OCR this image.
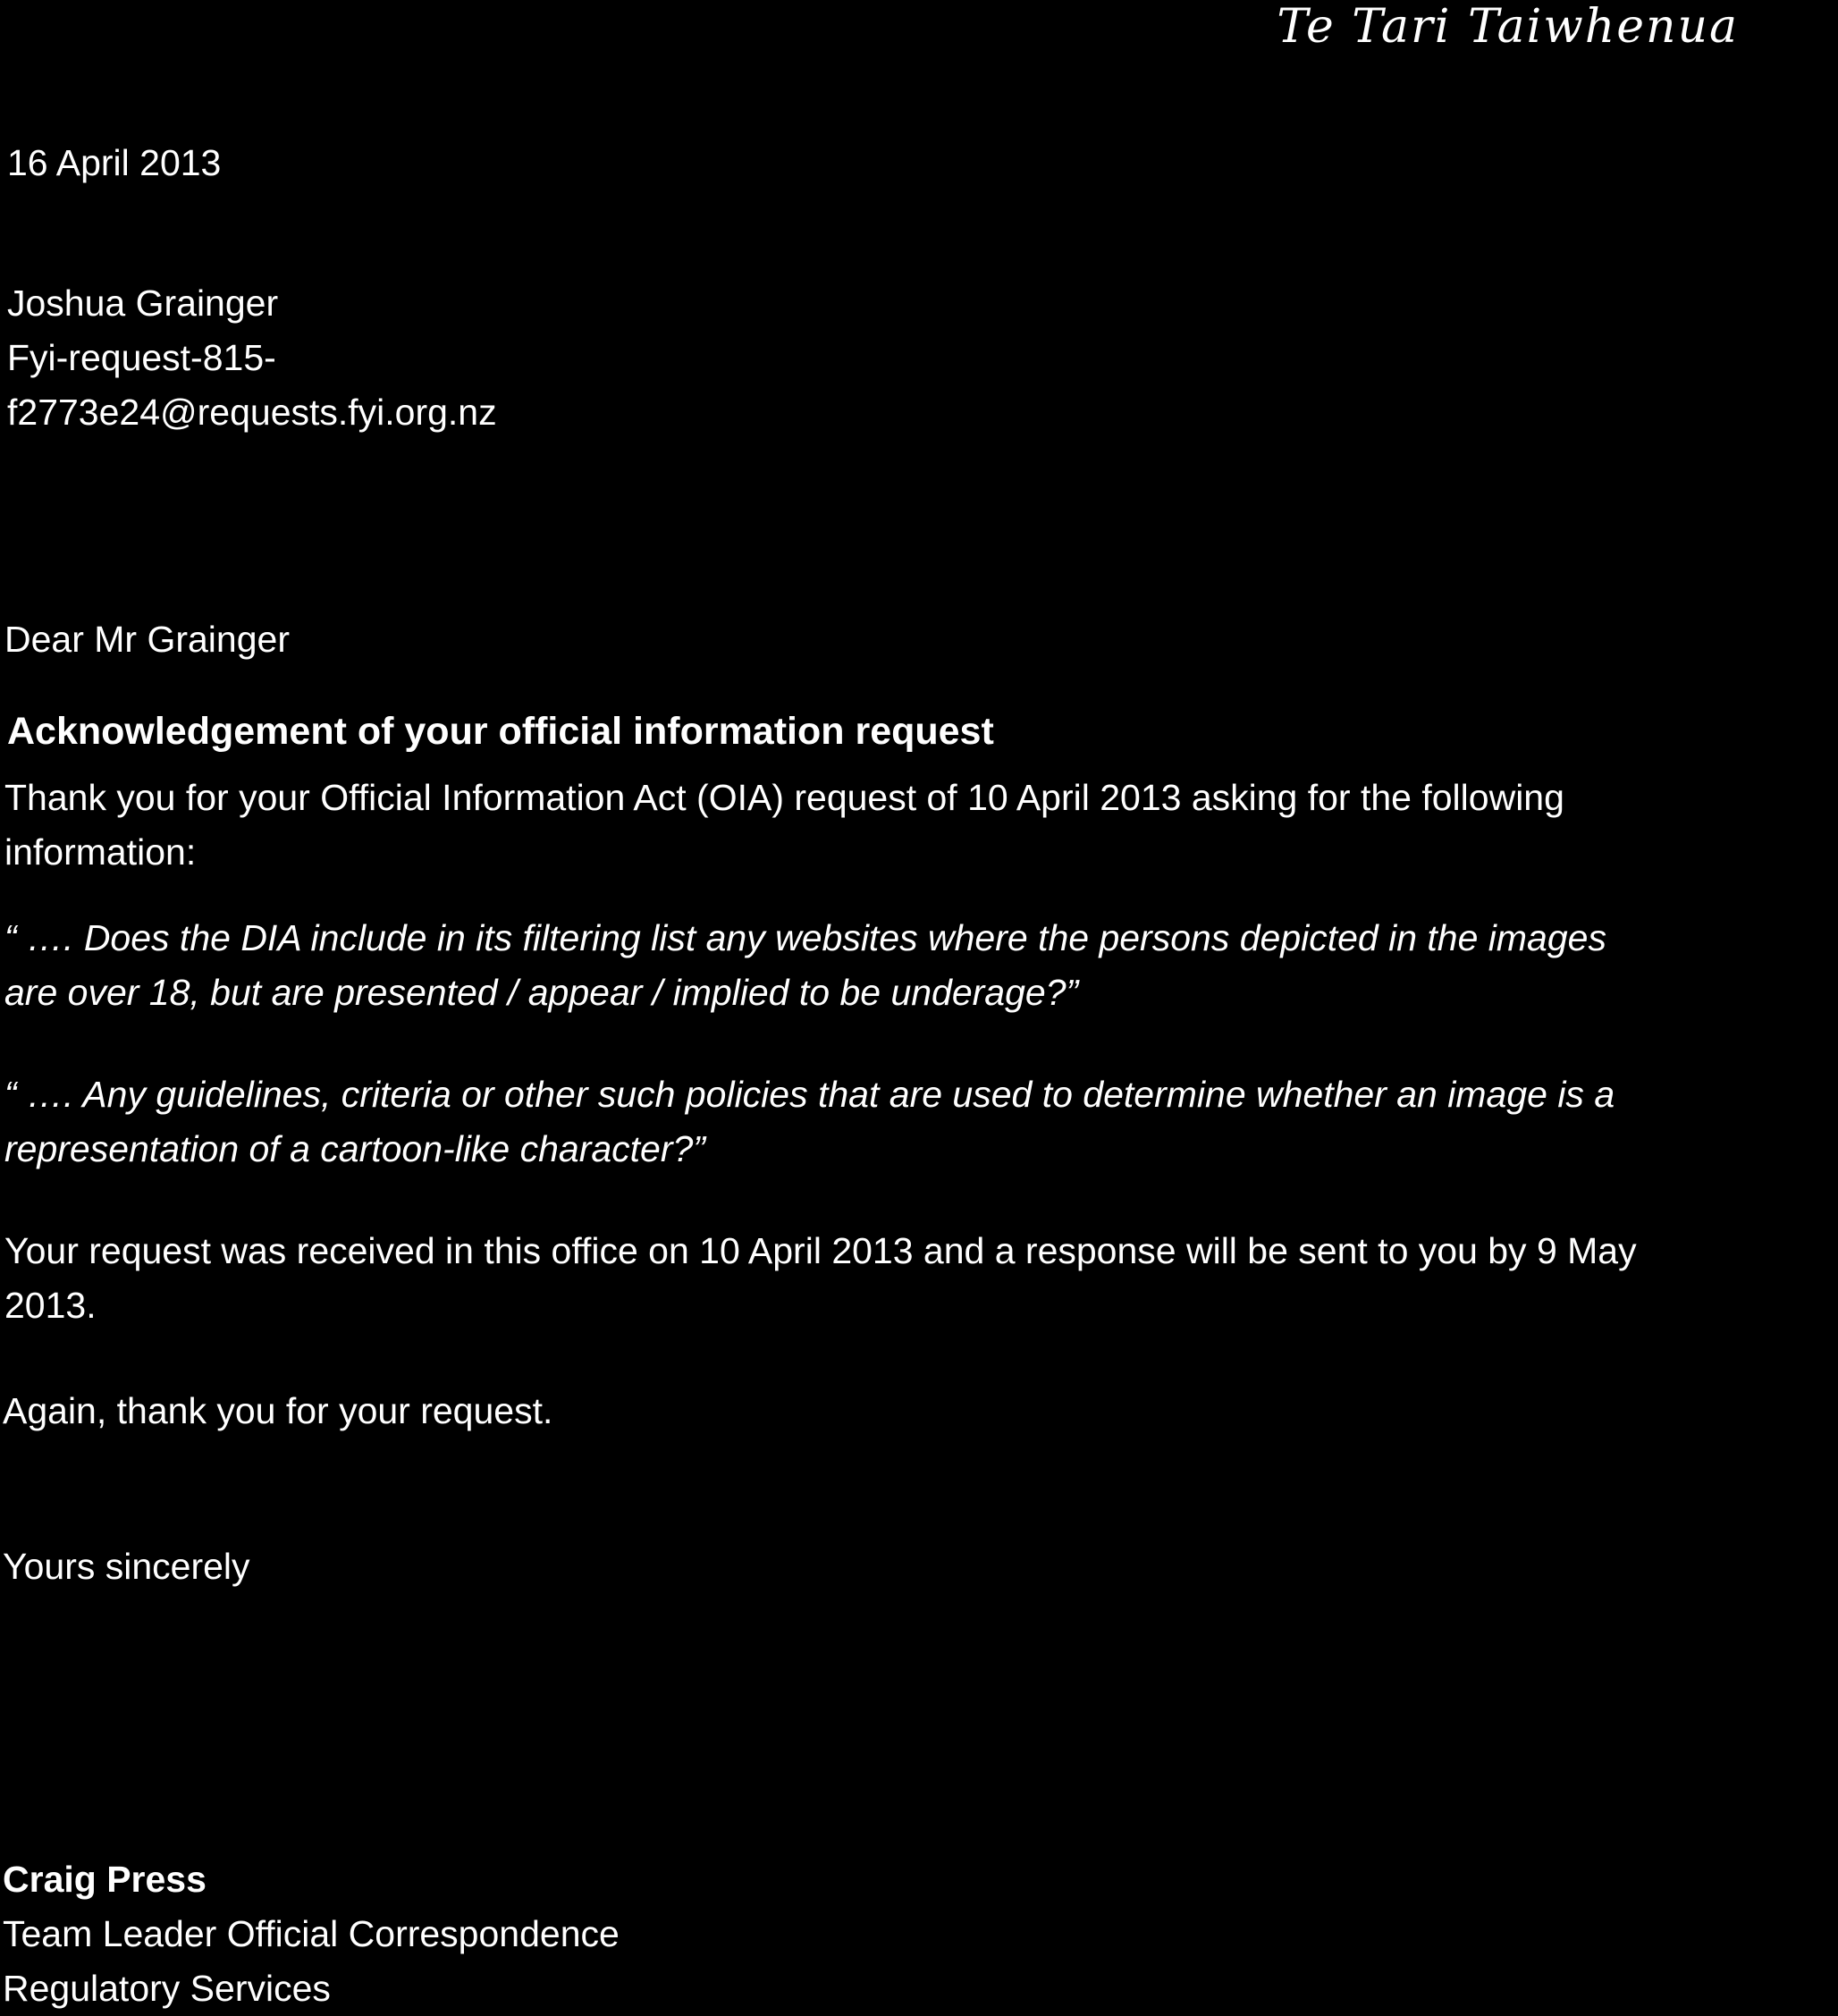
Te Tari Taiwhenua
16 April 2013
Joshua Grainger
Fyi-request-815-
f2773e24@requests.fyi.org.nz
Dear Mr Grainger
Acknowledgement of your official information request
Thank you for your Official Information Act (OIA) request of 10 April 2013 asking for the following
information:
“ …. Does the DIA include in its filtering list any websites where the persons depicted in the images
are over 18, but are presented / appear / implied to be underage?”
“ …. Any guidelines, criteria or other such policies that are used to determine whether an image is a
representation of a cartoon-like character?”
Your request was received in this office on 10 April 2013 and a response will be sent to you by 9 May
2013.
Again, thank you for your request.
Yours sincerely
Craig Press
Team Leader Official Correspondence
Regulatory Services
